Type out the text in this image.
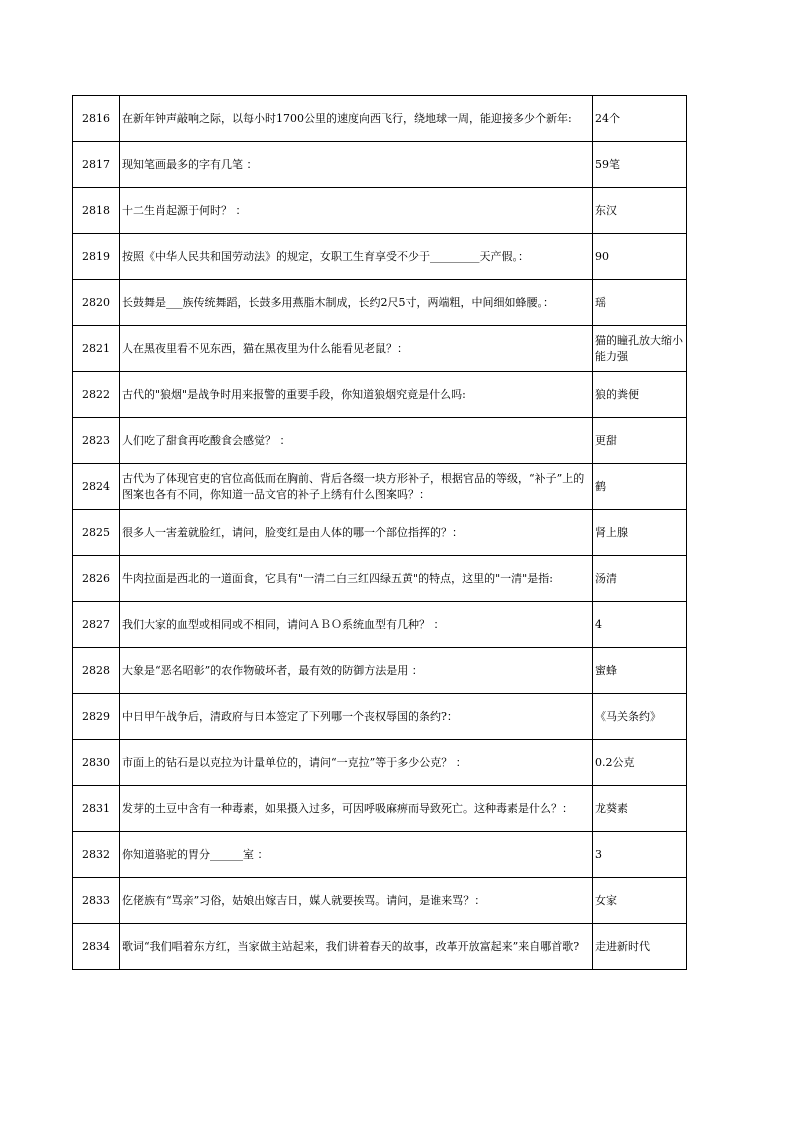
2816	在新年钟声敲响之际，以每小时1700公里的速度向西飞行，绕地球一周，能迎接多少个新年:	24个
2817	现知笔画最多的字有几笔 ：	59笔
2818	十二生肖起源于何时？ ：	东汉
2819	按照《中华人民共和国劳动法》的规定，女职工生育享受不少于_________天产假。：	90
2820	长鼓舞是___族传统舞蹈，长鼓多用燕脂木制成，长约2尺5寸，两端粗，中间细如蜂腰。：	瑶
2821	人在黑夜里看不见东西，猫在黑夜里为什么能看见老鼠？：	猫的瞳孔放大缩小能力强
2822	古代的"狼烟"是战争时用来报警的重要手段，你知道狼烟究竟是什么吗:	狼的粪便
2823	人们吃了甜食再吃酸食会感觉？ ：	更甜
2824	古代为了体现官吏的官位高低而在胸前、背后各缀一块方形补子，根据官品的等级，“补子”上的图案也各有不同，你知道一品文官的补子上绣有什么图案吗？：	鹤
2825	很多人一害羞就脸红，请问，脸变红是由人体的哪一个部位指挥的？：	肾上腺
2826	牛肉拉面是西北的一道面食，它具有"一清二白三红四绿五黄"的特点，这里的"一清"是指:	汤清
2827	我们大家的血型或相同或不相同，请问ＡＢＯ系统血型有几种？ ：	4
2828	大象是“恶名昭彰”的农作物破坏者，最有效的防御方法是用 ：	蜜蜂
2829	中日甲午战争后，清政府与日本签定了下列哪一个丧权辱国的条约?：	《马关条约》
2830	市面上的钻石是以克拉为计量单位的，请问“一克拉”等于多少公克？ ：	0.2公克
2831	发芽的土豆中含有一种毒素，如果摄入过多，可因呼吸麻痹而导致死亡。这种毒素是什么？：	龙葵素
2832	你知道骆驼的胃分______室 ：	3
2833	仡佬族有“骂亲”习俗，姑娘出嫁吉日，媒人就要挨骂。请问，是谁来骂？：	女家
2834	歌词“我们唱着东方红，当家做主站起来，我们讲着春天的故事，改革开放富起来”来自哪首歌?	走进新时代
